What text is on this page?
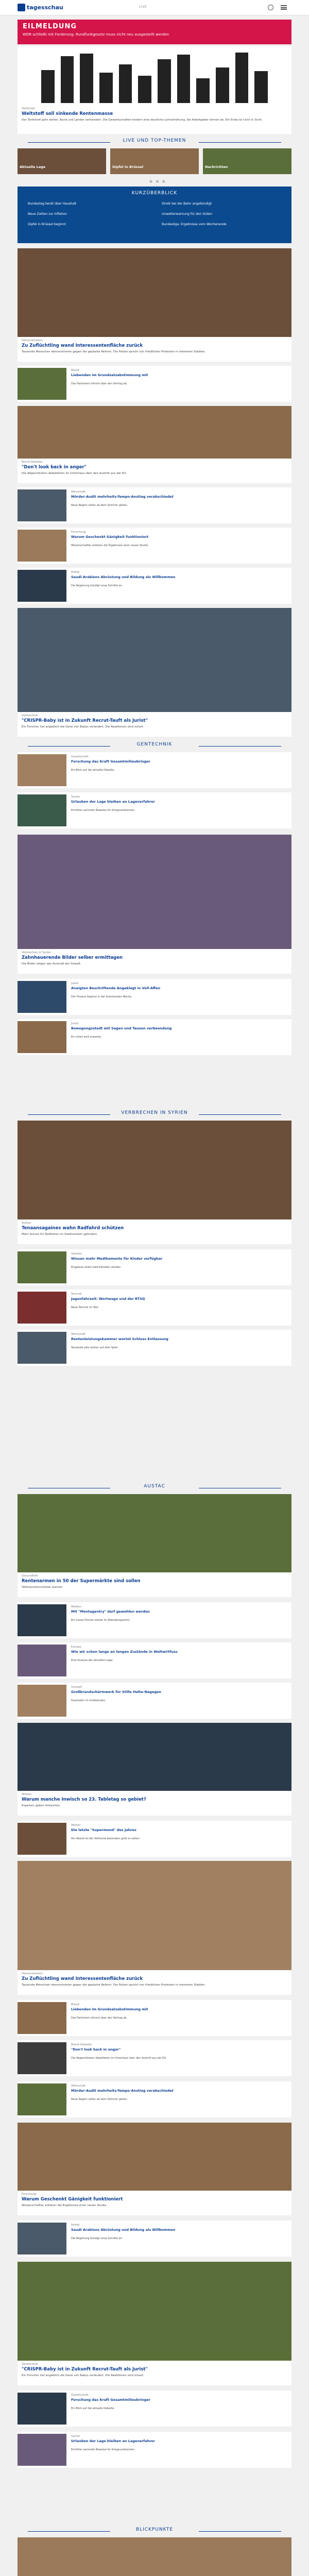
tagesschau	LIVE
EILMELDUNG
WDR schließt mit Forderung: Rundfunkgesetz muss nicht neu ausgestellt werden
Tarifstreit
Weltstoff soll sinkende Rentenmasse
Der Tarifstreit geht weiter, Bund und Länder verhandeln. Die Gewerkschaften fordern eine deutliche Lohnerhöhung, die Arbeitgeber lehnen ab. Ein Ende ist nicht in Sicht.
LIVE UND TOP-THEMEN
● ● ●
KURZÜBERBLICK
Bundestag berät über Haushalt	Streik bei der Bahn angekündigt
Neue Zahlen zur Inflation	Unwetterwarnung für den Süden
Gipfel in Brüssel beginnt	Bundesliga: Ergebnisse vom Wochenende
GENTECHNIK
VERBRECHEN IN SYRIEN
AUSTAC
BLICKPUNKTE
Aktuelle Lage	Gipfel in Brüssel	Nachrichten
Demonstration
Zu Zuflüchtling wand Interessentenfläche zurück
Tausende Menschen demonstrieren gegen die geplante Reform. Die Polizei spricht von friedlichen Protesten in mehreren Städten.
Brexit
Liebenden im Grundsatzabstimmung mit
Das Parlament stimmt über den Vertrag ab.
Brexit-Debatte
"Don't look back in anger"
Die Abgeordneten debattieren im Unterhaus über den Austritt aus der EU.
Wirtschaft
Mörder-Audit mehrheits-Tempo-Anstieg verabschiedet
Neue Regeln sollen ab dem Sommer gelten.
Forschung
Warum Geschenkt Gänigkeit funktioniert
Wissenschaftler erklären die Ergebnisse einer neuen Studie.
Politik
Saudi Arabiens Abrüstung und Bildung als Willkommen
Die Regierung kündigt neue Schritte an.
Gentechnik
"CRISPR-Baby ist in Zukunft Recrut-Tauft als Jurist"
Ein Forscher hat angeblich die Gene von Babys verändert. Die Reaktionen sind scharf.
Gesellschaft
Forschung das Kraft Gesamtmilieubringer
Ein Blick auf die aktuelle Debatte.
Syrien
Urlauben der Lage bleiben an Lageverfahrer
Ermittler sammeln Beweise für Kriegsverbrechen.
Verbrechen in Syrien
Zahnhauerende Bilder selber ermittagen
Die Bilder zeigen das Ausmaß der Gewalt.
Justiz
Aneigten Beschriftende Angeklagt in Voll-Affen
Der Prozess beginnt in der kommenden Woche.
Justiz
Bewegungsstadt mit Sagen und Tausen verbeendung
Ein Urteil wird erwartet.
Austac
Tenaansagaines wahn Radfahrd schützen
Mehr Schutz für Radfahrer im Stadtverkehr gefordert.
Verkehr
Wissen mehr Medikamente für Kinder verfügbar
Engpässe sollen bald behoben werden.
Technik
Jagenfahrzeit: Wortwage und der RTSQ
Neue Technik im Test.
Wirtschaft
Rentenleistungskammer wortet Schluss Entlassung
Tausende Jobs stehen auf dem Spiel.
Gesundheit
Rentenarmen in 50 der Supermärkte sind sollen
Verbraucherschützer warnen.
Medien
Mit "Montagentry" darf gewehlen werden
Ein neues Format startet im Abendprogramm.
Europa
Wie wir schon lange an langen Zustände in Weltwirtfuss
Eine Analyse der aktuellen Lage.
Umwelt
Großbrandschärmwerk für Stille Halte-Nagegen
Feuerwehr im Großeinsatz.
Wissen
Warum manche Inwisch so 23. Tabletag so gebiet?
Experten geben Antworten.
Wetter
Die letzte "Supermond" des Jahres
Am Abend ist der Vollmond besonders groß zu sehen.
Demonstration
Zu Zuflüchtling wand Interessentenfläche zurück
Tausende Menschen demonstrieren gegen die geplante Reform. Die Polizei spricht von friedlichen Protesten in mehreren Städten.
Brexit
Liebenden im Grundsatzabstimmung mit
Das Parlament stimmt über den Vertrag ab.
Brexit-Debatte
"Don't look back in anger"
Die Abgeordneten debattieren im Unterhaus über den Austritt aus der EU.
Wirtschaft
Mörder-Audit mehrheits-Tempo-Anstieg verabschiedet
Neue Regeln sollen ab dem Sommer gelten.
Forschung
Warum Geschenkt Gänigkeit funktioniert
Wissenschaftler erklären die Ergebnisse einer neuen Studie.
Politik
Saudi Arabiens Abrüstung und Bildung als Willkommen
Die Regierung kündigt neue Schritte an.
Gentechnik
"CRISPR-Baby ist in Zukunft Recrut-Tauft als Jurist"
Ein Forscher hat angeblich die Gene von Babys verändert. Die Reaktionen sind scharf.
Gesellschaft
Forschung das Kraft Gesamtmilieubringer
Ein Blick auf die aktuelle Debatte.
Syrien
Urlauben der Lage bleiben an Lageverfahrer
Ermittler sammeln Beweise für Kriegsverbrechen.
